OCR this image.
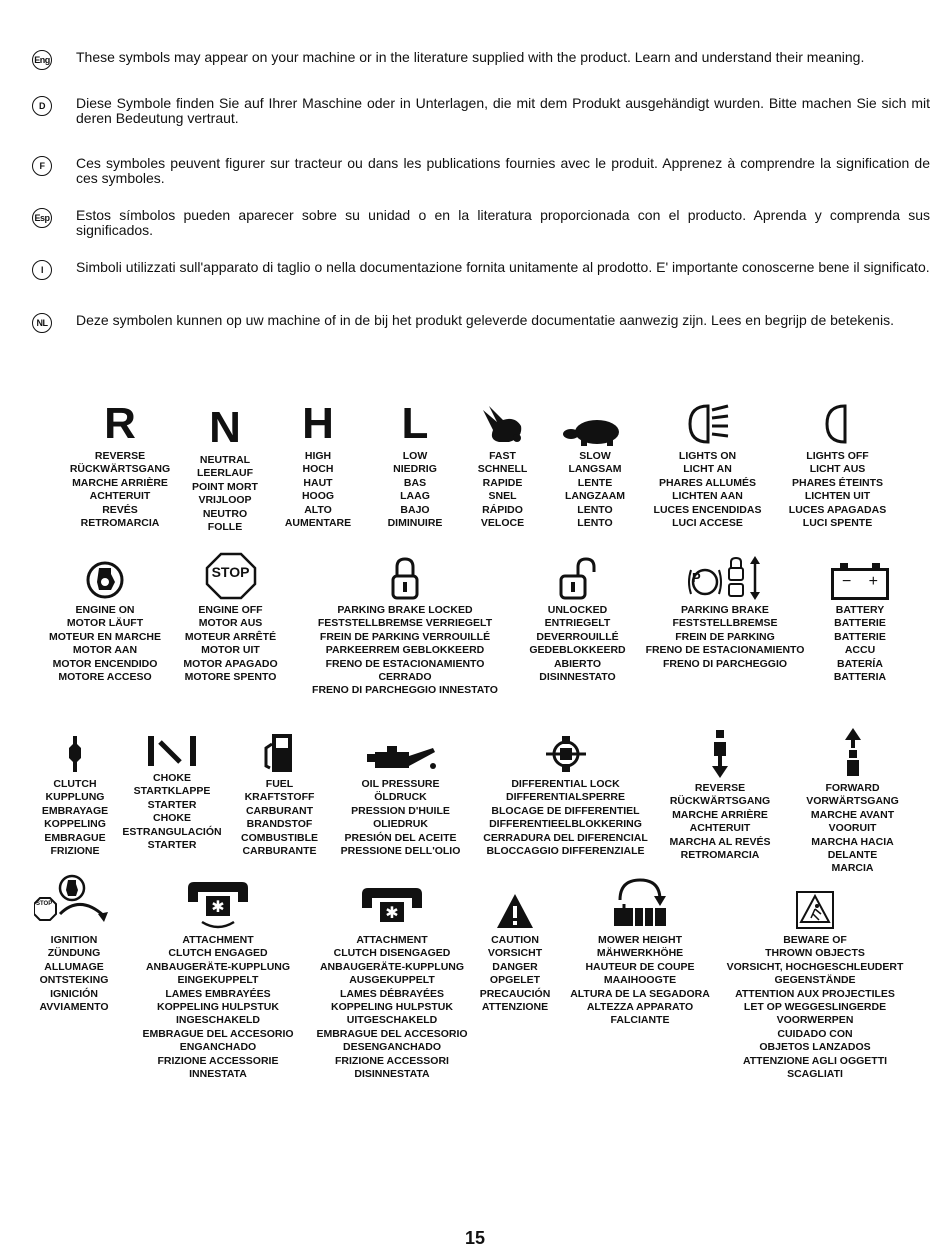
Eng These symbols may appear on your machine or in the literature supplied with the product. Learn and understand their meaning.
D	Diese Symbole finden Sie auf Ihrer Maschine oder in Unterlagen, die mit dem Produkt ausgehändigt wurden. Bitte machen Sie sich mit deren Bedeutung vertraut.
F	Ces symboles peuvent figurer sur tracteur ou dans les publications fournies avec le produit. Apprenez à comprendre la signification de ces symboles.
Esp Estos símbolos pueden aparecer sobre su unidad o en la literatura proporcionada con el producto. Aprenda y comprenda sus significados.
I	Simboli utilizzati sull'apparato di taglio o nella documentazione fornita unitamente al prodotto. E' importante conoscerne bene il significato.
NL	Deze symbolen kunnen op uw machine of in de bij het produkt geleverde documentatie aanwezig zijn. Lees en begrijp de betekenis.
R
REVERSE
RÜCKWÄRTSGANG
MARCHE ARRIÈRE
ACHTERUIT
REVÉS
RETROMARCIA
N
NEUTRAL
LEERLAUF
POINT MORT
VRIJLOOP
NEUTRO
FOLLE
H
HIGH
HOCH
HAUT
HOOG
ALTO
AUMENTARE
L
LOW
NIEDRIG
BAS
LAAG
BAJO
DIMINUIRE
FAST
SCHNELL
RAPIDE
SNEL
RÁPIDO
VELOCE
SLOW
LANGSAM
LENTE
LANGZAAM
LENTO
LENTO
LIGHTS ON
LICHT AN
PHARES ALLUMÉS
LICHTEN AAN
LUCES ENCENDIDAS
LUCI ACCESE
LIGHTS OFF
LICHT AUS
PHARES ÉTEINTS
LICHTEN UIT
LUCES APAGADAS
LUCI SPENTE
ENGINE ON
MOTOR LÄUFT
MOTEUR EN MARCHE
MOTOR AAN
MOTOR ENCENDIDO
MOTORE ACCESO
STOP
ENGINE OFF
MOTOR AUS
MOTEUR ARRÊTÉ
MOTOR UIT
MOTOR APAGADO
MOTORE SPENTO
PARKING BRAKE LOCKED
FESTSTELLBREMSE VERRIEGELT
FREIN DE PARKING VERROUILLÉ
PARKEERREM GEBLOKKEERD
FRENO DE ESTACIONAMIENTO
CERRADO
FRENO DI PARCHEGGIO INNESTATO
UNLOCKED
ENTRIEGELT
DEVERROUILLÉ
GEDEBLOKKEERD
ABIERTO
DISINNESTATO
P
PARKING BRAKE
FESTSTELLBREMSE
FREIN DE PARKING
FRENO DE ESTACIONAMIENTO
FRENO DI PARCHEGGIO
− +
BATTERY
BATTERIE
BATTERIE
ACCU
BATERÍA
BATTERIA
CLUTCH
KUPPLUNG
EMBRAYAGE
KOPPELING
EMBRAGUE
FRIZIONE
CHOKE
STARTKLAPPE
STARTER
CHOKE
ESTRANGULACIÓN
STARTER
FUEL
KRAFTSTOFF
CARBURANT
BRANDSTOF
COMBUSTIBLE
CARBURANTE
OIL PRESSURE
ÖLDRUCK
PRESSION D'HUILE
OLIEDRUK
PRESIÓN DEL ACEITE
PRESSIONE DELL'OLIO
DIFFERENTIAL LOCK
DIFFERENTIALSPERRE
BLOCAGE DE DIFFERENTIEL
DIFFERENTIEELBLOKKERING
CERRADURA DEL DIFERENCIAL
BLOCCAGGIO DIFFERENZIALE
REVERSE
RÜCKWÄRTSGANG
MARCHE ARRIÈRE
ACHTERUIT
MARCHA AL REVÉS
RETROMARCIA
FORWARD
VORWÄRTSGANG
MARCHE AVANT
VOORUIT
MARCHA HACIA
DELANTE
MARCIA
STOP
IGNITION
ZÜNDUNG
ALLUMAGE
ONTSTEKING
IGNICIÓN
AVVIAMENTO
✱
ATTACHMENT
CLUTCH ENGAGED
ANBAUGERÄTE-KUPPLUNG
EINGEKUPPELT
LAMES EMBRAYÉES
KOPPELING HULPSTUK
INGESCHAKELD
EMBRAGUE DEL ACCESORIO
ENGANCHADO
FRIZIONE ACCESSORIE
INNESTATA
✱
ATTACHMENT
CLUTCH DISENGAGED
ANBAUGERÄTE-KUPPLUNG
AUSGEKUPPELT
LAMES DÉBRAYÉES
KOPPELING HULPSTUK
UITGESCHAKELD
EMBRAGUE DEL ACCESORIO
DESENGANCHADO
FRIZIONE ACCESSORI
DISINNESTATA
CAUTION
VORSICHT
DANGER
OPGELET
PRECAUCIÓN
ATTENZIONE
MOWER HEIGHT
MÄHWERKHÖHE
HAUTEUR DE COUPE
MAAIHOOGTE
ALTURA DE LA SEGADORA
ALTEZZA APPARATO
FALCIANTE
BEWARE OF
THROWN OBJECTS
VORSICHT, HOCHGESCHLEUDERT
GEGENSTÄNDE
ATTENTION AUX PROJECTILES
LET OP WEGGESLINGERDE
VOORWERPEN
CUIDADO CON
OBJETOS LANZADOS
ATTENZIONE AGLI OGGETTI
SCAGLIATI
15
